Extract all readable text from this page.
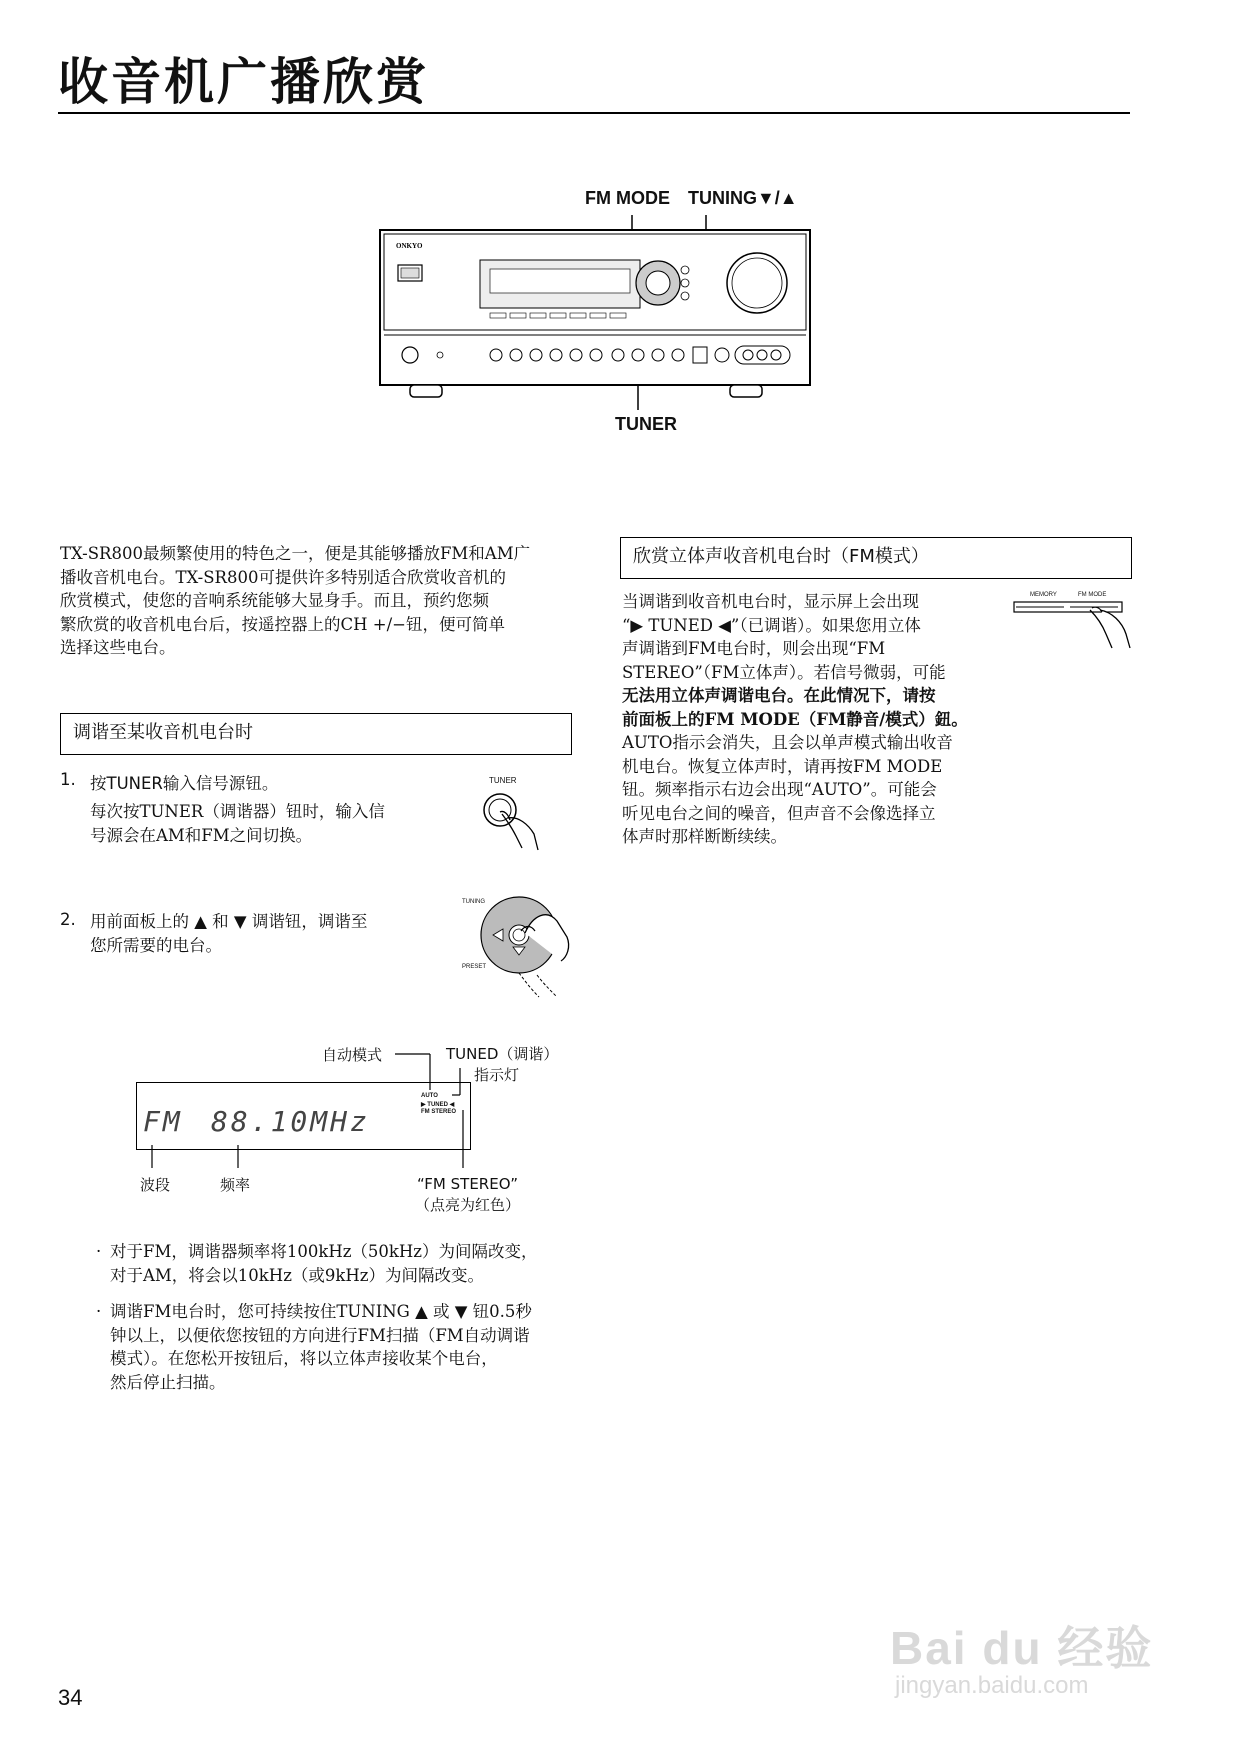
收音机广播欣赏
FM MODE TUNING▼/▲
TUNER
ONKYO
TX-SR800最频繁使用的特色之一，便是其能够播放FM和AM广
播收音机电台。TX-SR800可提供许多特别适合欣赏收音机的
欣赏模式，使您的音响系统能够大显身手。而且，预约您频
繁欣赏的收音机电台后，按遥控器上的CH +/−钮，便可简单
选择这些电台。
调谐至某收音机电台时
1. 按TUNER输入信号源钮。
每次按TUNER（调谐器）钮时，输入信
号源会在AM和FM之间切换。
TUNER
2. 用前面板上的 ▲ 和 ▼ 调谐钮，调谐至
您所需要的电台。
TUNING
PRESET
自动模式	TUNED（调谐）
指示灯
AUTO
▶ TUNED ◀
FM STEREO
FM 88.10MHz
波段	频率	“FM STEREO”
（点亮为红色）
· 对于FM，调谐器频率将100kHz（50kHz）为间隔改变，
对于AM，将会以10kHz（或9kHz）为间隔改变。
· 调谐FM电台时，您可持续按住TUNING ▲ 或 ▼ 钮0.5秒
钟以上，以便依您按钮的方向进行FM扫描（FM自动调谐
模式）。在您松开按钮后，将以立体声接收某个电台，
然后停止扫描。
欣赏立体声收音机电台时（FM模式）
当调谐到收音机电台时，显示屏上会出现
“▶ TUNED ◀”（已调谐）。如果您用立体
声调谐到FM电台时，则会出现“FM
STEREO”（FM立体声）。若信号微弱，可能
无法用立体声调谐电台。在此情况下，请按
前面板上的FM MODE（FM静音/模式）鈕。
AUTO指示会消失，且会以单声模式输出收音
机电台。恢复立体声时，请再按FM MODE
钮。频率指示右边会出现“AUTO”。可能会
听见电台之间的噪音，但声音不会像选择立
体声时那样断断续续。
MEMORY	FM MODE
34
Bai du 经验
jingyan.baidu.com
